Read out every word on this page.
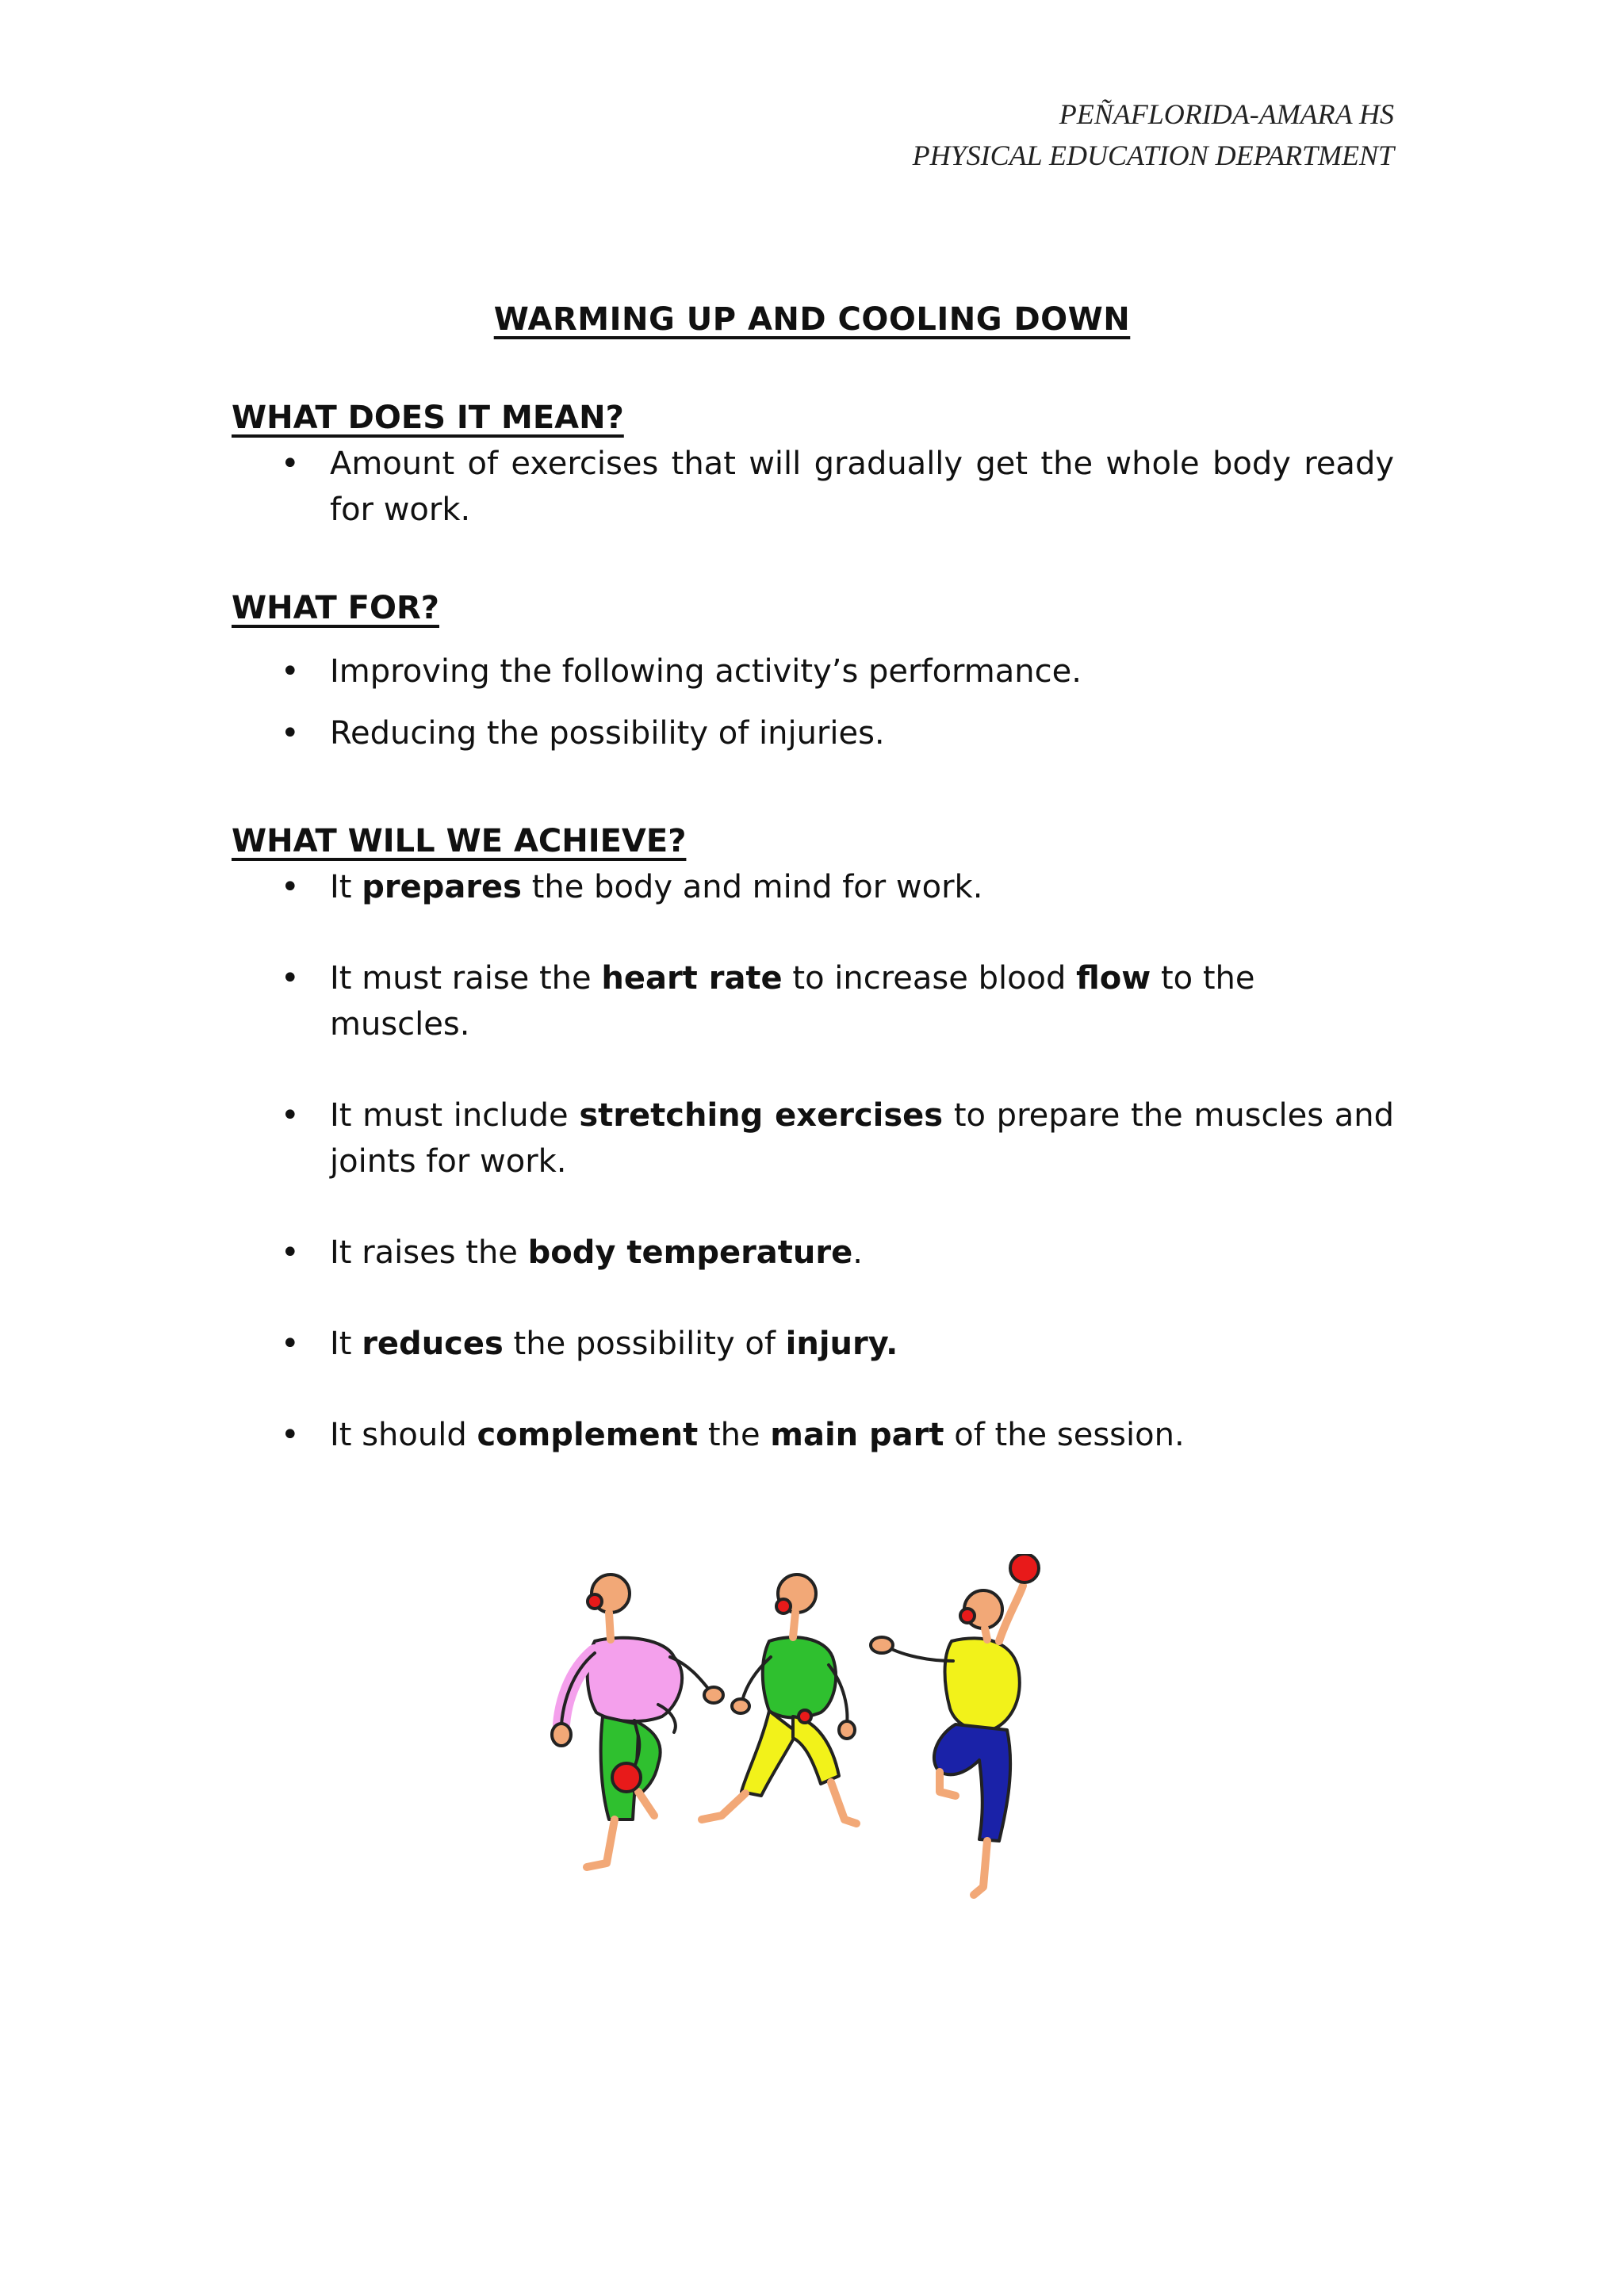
PEÑAFLORIDA-AMARA HS
PHYSICAL EDUCATION DEPARTMENT
WARMING UP AND COOLING DOWN
WHAT DOES IT MEAN?
• Amount of exercises that will gradually get the whole body ready for work.
WHAT FOR?
• Improving the following activity’s performance.
• Reducing the possibility of injuries.
WHAT WILL WE ACHIEVE?
• It prepares the body and mind for work.
• It must raise the heart rate to increase blood flow to the muscles.
• It must include stretching exercises to prepare the muscles and joints for work.
• It raises the body temperature.
• It reduces the possibility of injury.
• It should complement the main part of the session.
